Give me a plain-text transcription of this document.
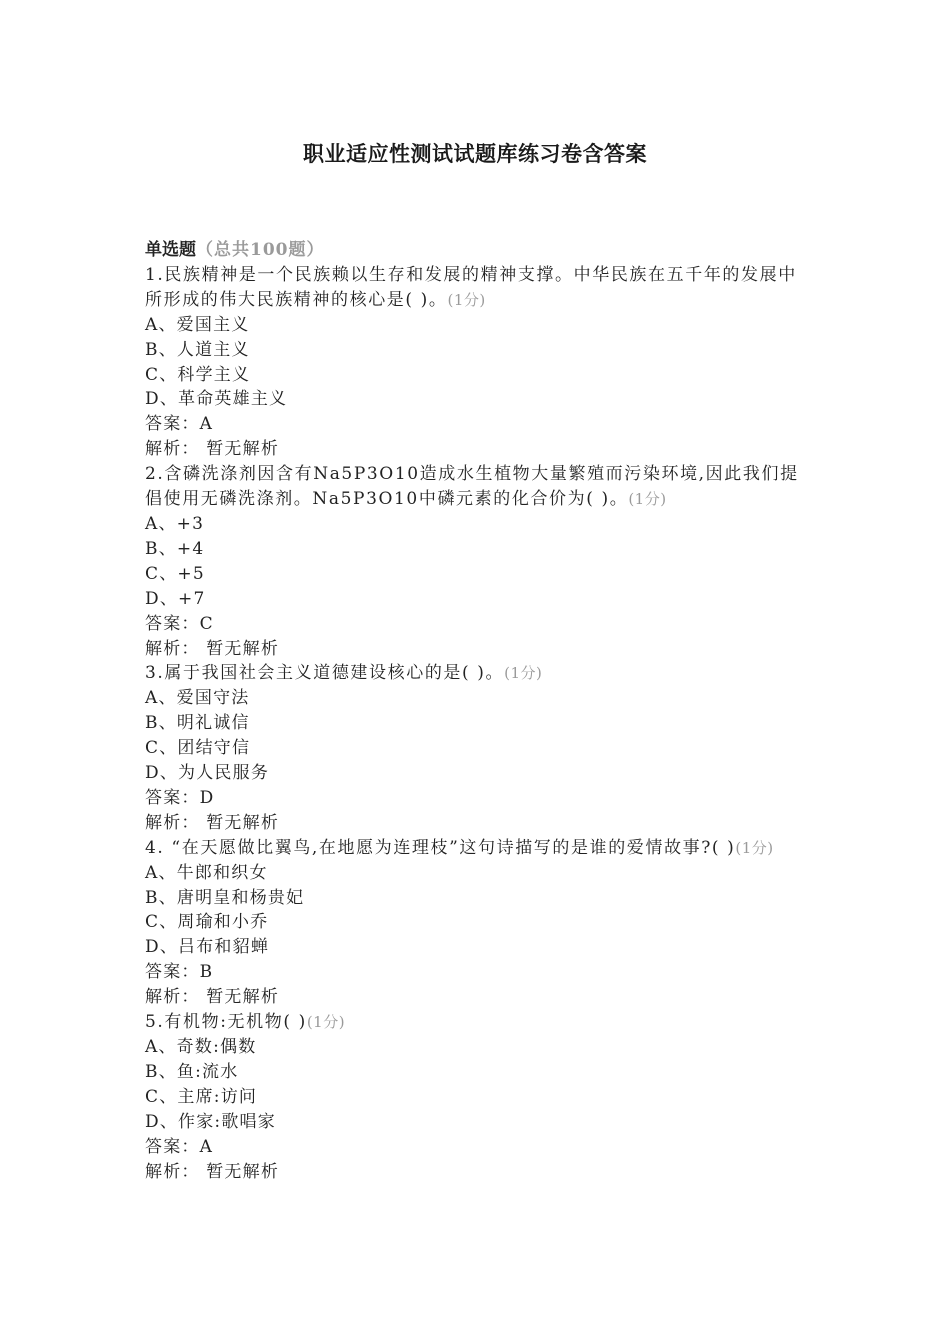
职业适应性测试试题库练习卷含答案
单选题（总共100题）
1.民族精神是一个民族赖以生存和发展的精神支撑。中华民族在五千年的发展中所形成的伟大民族精神的核心是( )。(1分)
A、爱国主义
B、人道主义
C、科学主义
D、革命英雄主义
答案：A
解析： 暂无解析
2.含磷洗涤剂因含有Na5P3O10造成水生植物大量繁殖而污染环境,因此我们提倡使用无磷洗涤剂。Na5P3O10中磷元素的化合价为( )。(1分)
A、+3
B、+4
C、+5
D、+7
答案：C
解析： 暂无解析
3.属于我国社会主义道德建设核心的是( )。(1分)
A、爱国守法
B、明礼诚信
C、团结守信
D、为人民服务
答案：D
解析： 暂无解析
4. “在天愿做比翼鸟,在地愿为连理枝”这句诗描写的是谁的爱情故事?( )(1分)
A、牛郎和织女
B、唐明皇和杨贵妃
C、周瑜和小乔
D、吕布和貂蝉
答案：B
解析： 暂无解析
5.有机物:无机物( )(1分)
A、奇数:偶数
B、鱼:流水
C、主席:访问
D、作家:歌唱家
答案：A
解析： 暂无解析
